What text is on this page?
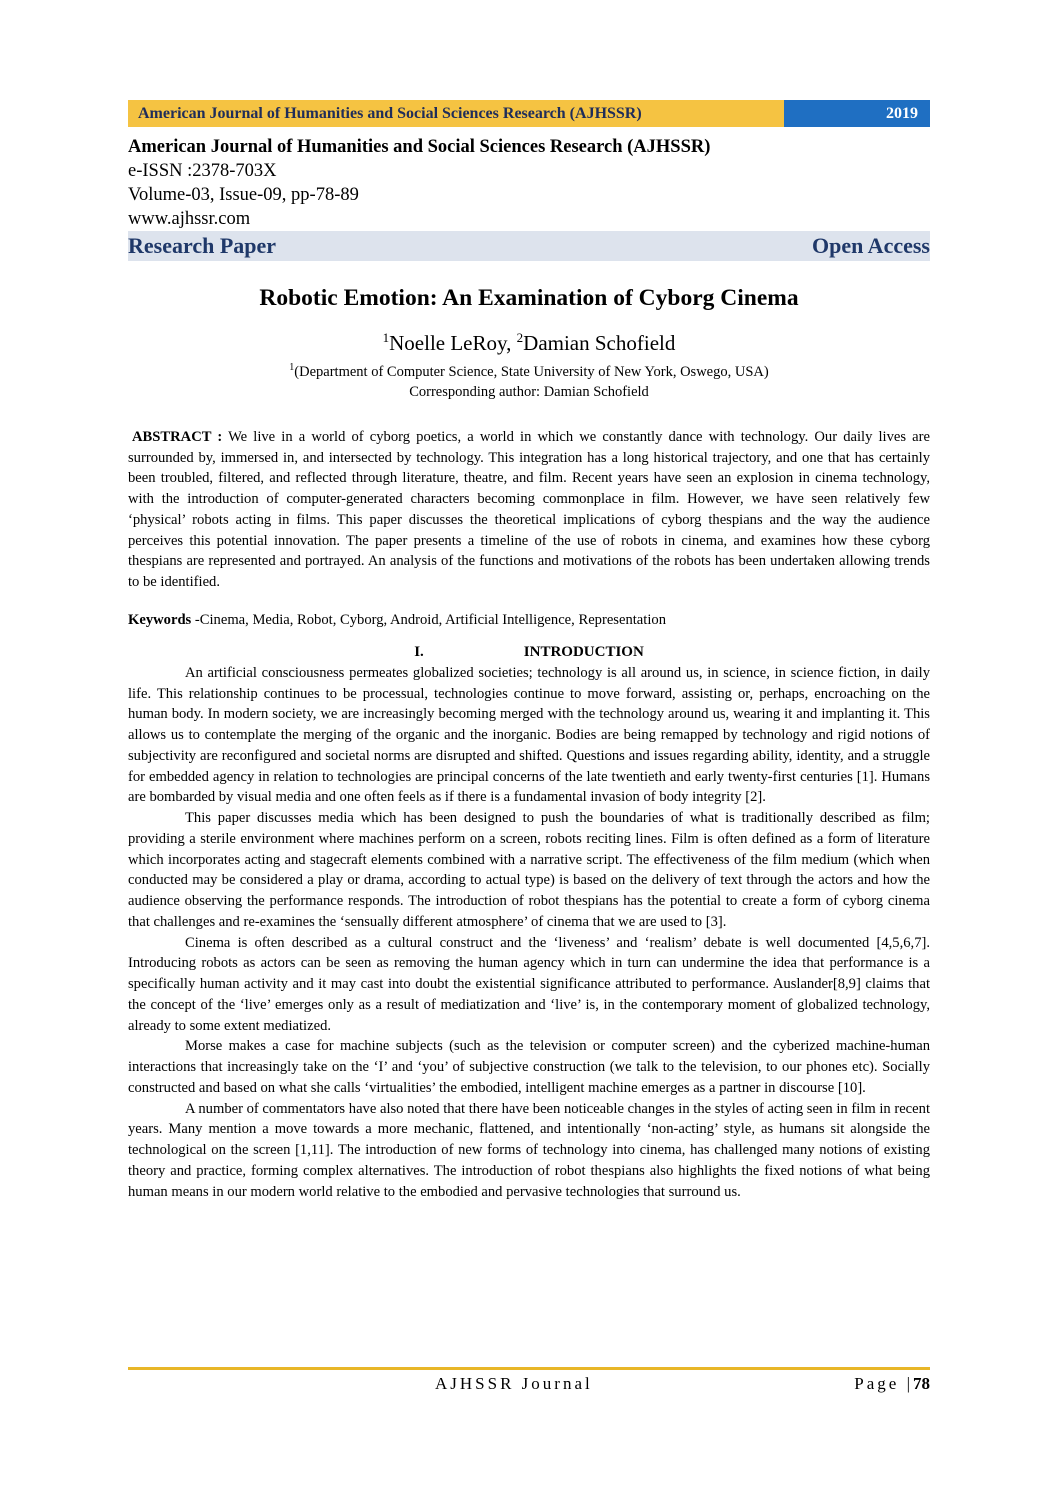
American Journal of Humanities and Social Sciences Research (AJHSSR)	2019
American Journal of Humanities and Social Sciences Research (AJHSSR)
e-ISSN :2378-703X
Volume-03, Issue-09, pp-78-89
www.ajhssr.com
Research Paper	Open Access
Robotic Emotion: An Examination of Cyborg Cinema
$^1$Noelle LeRoy, $^2$Damian Schofield
$^1$(Department of Computer Science, State University of New York, Oswego, USA)
Corresponding author: Damian Schofield
ABSTRACT : We live in a world of cyborg poetics, a world in which we constantly dance with technology. Our daily lives are surrounded by, immersed in, and intersected by technology. This integration has a long historical trajectory, and one that has certainly been troubled, filtered, and reflected through literature, theatre, and film. Recent years have seen an explosion in cinema technology, with the introduction of computer-generated characters becoming commonplace in film. However, we have seen relatively few ‘physical’ robots acting in films. This paper discusses the theoretical implications of cyborg thespians and the way the audience perceives this potential innovation. The paper presents a timeline of the use of robots in cinema, and examines how these cyborg thespians are represented and portrayed. An analysis of the functions and motivations of the robots has been undertaken allowing trends to be identified.
Keywords -Cinema, Media, Robot, Cyborg, Android, Artificial Intelligence, Representation
I.	INTRODUCTION
An artificial consciousness permeates globalized societies; technology is all around us, in science, in science fiction, in daily life. This relationship continues to be processual, technologies continue to move forward, assisting or, perhaps, encroaching on the human body. In modern society, we are increasingly becoming merged with the technology around us, wearing it and implanting it. This allows us to contemplate the merging of the organic and the inorganic. Bodies are being remapped by technology and rigid notions of subjectivity are reconfigured and societal norms are disrupted and shifted. Questions and issues regarding ability, identity, and a struggle for embedded agency in relation to technologies are principal concerns of the late twentieth and early twenty-first centuries [1]. Humans are bombarded by visual media and one often feels as if there is a fundamental invasion of body integrity [2].
This paper discusses media which has been designed to push the boundaries of what is traditionally described as film; providing a sterile environment where machines perform on a screen, robots reciting lines. Film is often defined as a form of literature which incorporates acting and stagecraft elements combined with a narrative script. The effectiveness of the film medium (which when conducted may be considered a play or drama, according to actual type) is based on the delivery of text through the actors and how the audience observing the performance responds. The introduction of robot thespians has the potential to create a form of cyborg cinema that challenges and re-examines the ‘sensually different atmosphere’ of cinema that we are used to [3].
Cinema is often described as a cultural construct and the ‘liveness’ and ‘realism’ debate is well documented [4,5,6,7]. Introducing robots as actors can be seen as removing the human agency which in turn can undermine the idea that performance is a specifically human activity and it may cast into doubt the existential significance attributed to performance. Auslander[8,9] claims that the concept of the ‘live’ emerges only as a result of mediatization and ‘live’ is, in the contemporary moment of globalized technology, already to some extent mediatized.
Morse makes a case for machine subjects (such as the television or computer screen) and the cyberized machine-human interactions that increasingly take on the ‘I’ and ‘you’ of subjective construction (we talk to the television, to our phones etc). Socially constructed and based on what she calls ‘virtualities’ the embodied, intelligent machine emerges as a partner in discourse [10].
A number of commentators have also noted that there have been noticeable changes in the styles of acting seen in film in recent years. Many mention a move towards a more mechanic, flattened, and intentionally ‘non-acting’ style, as humans sit alongside the technological on the screen [1,11]. The introduction of new forms of technology into cinema, has challenged many notions of existing theory and practice, forming complex alternatives. The introduction of robot thespians also highlights the fixed notions of what being human means in our modern world relative to the embodied and pervasive technologies that surround us.
AJHSSR Journal	Page |78
